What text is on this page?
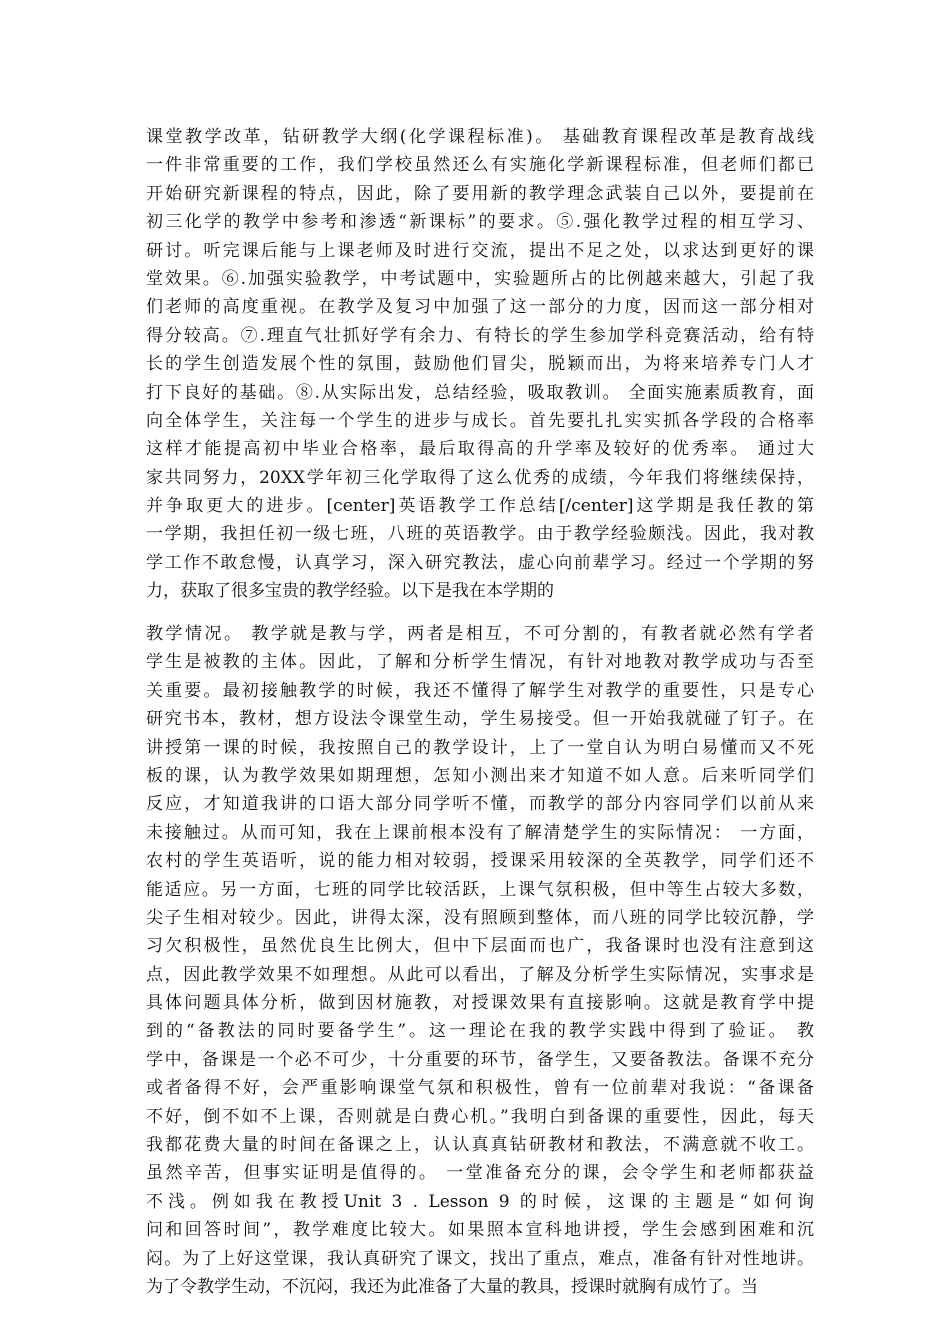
课堂教学改革，钻研教学大纲(化学课程标准)。 基础教育课程改革是教育战线
一件非常重要的工作，我们学校虽然还么有实施化学新课程标准，但老师们都已
开始研究新课程的特点，因此，除了要用新的教学理念武装自己以外，要提前在
初三化学的教学中参考和渗透“新课标”的要求。⑤.强化教学过程的相互学习、
研讨。听完课后能与上课老师及时进行交流，提出不足之处，以求达到更好的课
堂效果。⑥.加强实验教学，中考试题中，实验题所占的比例越来越大，引起了我
们老师的高度重视。在教学及复习中加强了这一部分的力度，因而这一部分相对
得分较高。⑦.理直气壮抓好学有余力、有特长的学生参加学科竞赛活动，给有特
长的学生创造发展个性的氛围，鼓励他们冒尖，脱颖而出，为将来培养专门人才
打下良好的基础。⑧.从实际出发，总结经验，吸取教训。 全面实施素质教育，面
向全体学生，关注每一个学生的进步与成长。首先要扎扎实实抓各学段的合格率
这样才能提高初中毕业合格率，最后取得高的升学率及较好的优秀率。 通过大
家共同努力，20XX学年初三化学取得了这么优秀的成绩，今年我们将继续保持，
并争取更大的进步。[center]英语教学工作总结[/center]这学期是我任教的第
一学期，我担任初一级七班，八班的英语教学。由于教学经验颇浅。因此，我对教
学工作不敢怠慢，认真学习，深入研究教法，虚心向前辈学习。经过一个学期的努
力，获取了很多宝贵的教学经验。以下是我在本学期的
教学情况。 教学就是教与学，两者是相互，不可分割的，有教者就必然有学者
学生是被教的主体。因此，了解和分析学生情况，有针对地教对教学成功与否至
关重要。最初接触教学的时候，我还不懂得了解学生对教学的重要性，只是专心
研究书本，教材，想方设法令课堂生动，学生易接受。但一开始我就碰了钉子。在
讲授第一课的时候，我按照自己的教学设计，上了一堂自认为明白易懂而又不死
板的课，认为教学效果如期理想，怎知小测出来才知道不如人意。后来听同学们
反应，才知道我讲的口语大部分同学听不懂，而教学的部分内容同学们以前从来
未接触过。从而可知，我在上课前根本没有了解清楚学生的实际情况： 一方面，
农村的学生英语听，说的能力相对较弱，授课采用较深的全英教学，同学们还不
能适应。另一方面，七班的同学比较活跃，上课气氛积极，但中等生占较大多数，
尖子生相对较少。因此，讲得太深，没有照顾到整体，而八班的同学比较沉静，学
习欠积极性，虽然优良生比例大，但中下层面而也广，我备课时也没有注意到这
点，因此教学效果不如理想。从此可以看出，了解及分析学生实际情况，实事求是
具体问题具体分析，做到因材施教，对授课效果有直接影响。这就是教育学中提
到的“备教法的同时要备学生”。这一理论在我的教学实践中得到了验证。 教
学中，备课是一个必不可少，十分重要的环节，备学生，又要备教法。备课不充分
或者备得不好，会严重影响课堂气氛和积极性，曾有一位前辈对我说：“备课备
不好，倒不如不上课，否则就是白费心机。”我明白到备课的重要性，因此，每天
我都花费大量的时间在备课之上，认认真真钻研教材和教法，不满意就不收工。
虽然辛苦，但事实证明是值得的。 一堂准备充分的课，会令学生和老师都获益
不浅。例如我在教授Unit 3 . Lesson 9 的时候，这课的主题是“如何询
问和回答时间”，教学难度比较大。如果照本宣科地讲授，学生会感到困难和沉
闷。为了上好这堂课，我认真研究了课文，找出了重点，难点，准备有针对性地讲。
为了令教学生动，不沉闷，我还为此准备了大量的教具，授课时就胸有成竹了。当
